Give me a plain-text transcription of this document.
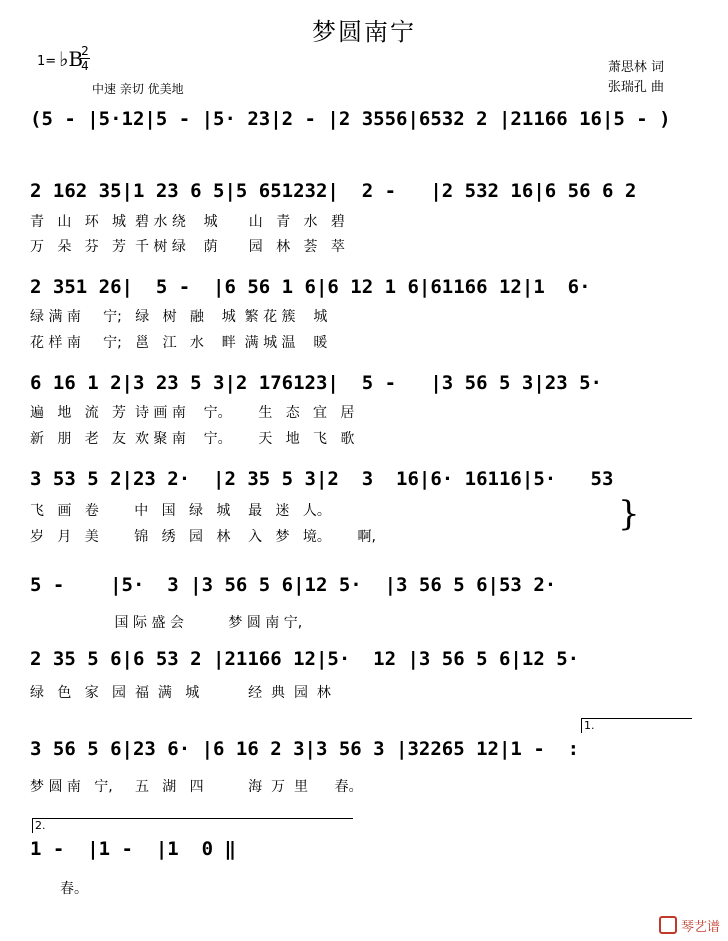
梦圆南宁
1= ♭B
2
4
中速 亲切 优美地
萧思林 词
张瑞孔 曲
(5 - |5·12|5 - |5· 23|2 - |2 3556|6532 2 |21166 16|5 - )
2 162 35|1 23 6 5|5 651232|  2 -   |2 532 16|6 56 6 2
青   山   环   城  碧 水 绕    城       山   青   水   碧
万   朵   芬   芳  千 树 绿    荫       园   林   荟   萃
2 351 26|  5 -  |6 56 1 6|6 12 1 6|61166 12|1  6·
绿 满 南     宁;   绿   树   融    城  繁 花 簇    城
花 样 南     宁;   邕   江   水    畔  满 城 温    暖
6 16 1 2|3 23 5 3|2 176123|  5 -   |3 56 5 3|23 5·
遍   地   流   芳  诗 画 南    宁。      生   态   宜   居
新   朋   老   友  欢 聚 南    宁。      天   地   飞   歌
3 53 5 2|23 2·  |2 35 5 3|2  3  16|6· 16116|5·   53
飞   画   卷        中   国   绿   城    最   迷   人。
岁   月   美        锦   绣   园   林    入   梦   境。      啊,
}
5 -    |5·  3 |3 56 5 6|12 5·  |3 56 5 6|53 2·
国 际 盛 会          梦 圆 南 宁,
2 35 5 6|6 53 2 |21166 12|5·  12 |3 56 5 6|12 5·
绿   色   家   园  福  满   城           经  典  园  林
1.
3 56 5 6|23 6· |6 16 2 3|3 56 3 |32265 12|1 -  :
梦 圆 南   宁,     五   湖   四          海  万  里      春。
2.
1 -  |1 -  |1  0 ‖
春。
琴艺谱
